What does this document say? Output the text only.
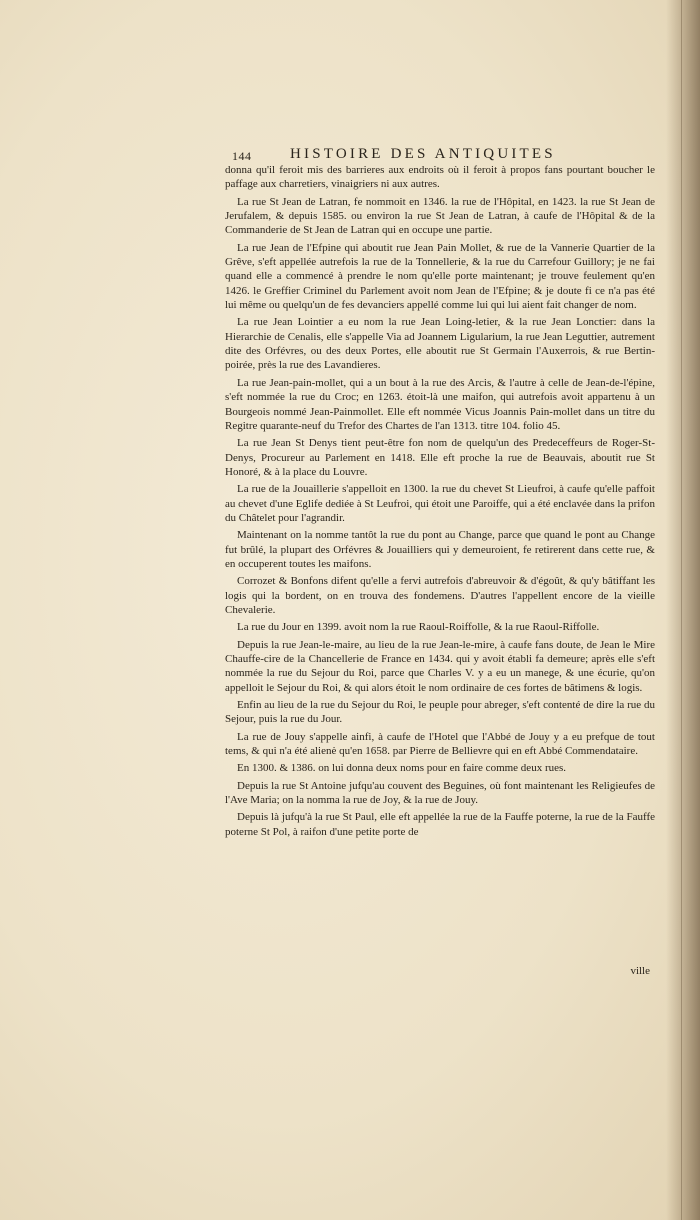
144	HISTOIRE DES ANTIQUITES

donna qu'il feroit mis des barrieres aux endroits où il feroit à propos fans pourtant boucher le paffage aux charretiers, vinaigriers ni aux autres.

La rue St Jean de Latran, fe nommoit en 1346. la rue de l'Hôpital, en 1423. la rue St Jean de Jerufalem, & depuis 1585. ou environ la rue St Jean de Latran, à caufe de l'Hôpital & de la Commanderie de St Jean de Latran qui en occupe une partie.

La rue Jean de l'Efpine qui aboutit rue Jean Pain Mollet, & rue de la Vannerie Quartier de la Grêve, s'eft appellée autrefois la rue de la Tonnellerie, & la rue du Carrefour Guillory; je ne fai quand elle a commencé à prendre le nom qu'elle porte maintenant; je trouve feulement qu'en 1426. le Greffier Criminel du Parlement avoit nom Jean de l'Efpine; & je doute fi ce n'a pas été lui même ou quelqu'un de fes devanciers appellé comme lui qui lui aient fait changer de nom.

La rue Jean Lointier a eu nom la rue Jean Loing-letier, & la rue Jean Lonctier: dans la Hierarchie de Cenalis, elle s'appelle Via ad Joannem Ligularium, la rue Jean Leguttier, autrement dite des Orfévres, ou des deux Portes, elle aboutit rue St Germain l'Auxerrois, & rue Bertin-poirée, près la rue des Lavandieres.

La rue Jean-pain-mollet, qui a un bout à la rue des Arcis, & l'autre à celle de Jean-de-l'épine, s'eft nommée la rue du Croc; en 1263. étoit-là une maifon, qui autrefois avoit appartenu à un Bourgeois nommé Jean-Painmollet. Elle eft nommée Vicus Joannis Pain-mollet dans un titre du Regitre quarante-neuf du Trefor des Chartes de l'an 1313. titre 104. folio 45.

La rue Jean St Denys tient peut-être fon nom de quelqu'un des Predeceffeurs de Roger-St-Denys, Procureur au Parlement en 1418. Elle eft proche la rue de Beauvais, aboutit rue St Honoré, & à la place du Louvre.

La rue de la Jouaillerie s'appelloit en 1300. la rue du chevet St Lieufroi, à caufe qu'elle paffoit au chevet d'une Eglife dediée à St Leufroi, qui étoit une Paroiffe, qui a été enclavée dans la prifon du Châtelet pour l'agrandir.

Maintenant on la nomme tantôt la rue du pont au Change, parce que quand le pont au Change fut brûlé, la plupart des Orfévres & Jouailliers qui y demeuroient, fe retirerent dans cette rue, & en occuperent toutes les maifons.

Corrozet & Bonfons difent qu'elle a fervi autrefois d'abreuvoir & d'égoût, & qu'y bâtiffant les logis qui la bordent, on en trouva des fondemens. D'autres l'appellent encore de la vieille Chevalerie.

La rue du Jour en 1399. avoit nom la rue Raoul-Roiffolle, & la rue Raoul-Riffolle.

Depuis la rue Jean-le-maire, au lieu de la rue Jean-le-mire, à caufe fans doute, de Jean le Mire Chauffe-cire de la Chancellerie de France en 1434. qui y avoit établi fa demeure; après elle s'eft nommée la rue du Sejour du Roi, parce que Charles V. y a eu un manege, & une écurie, qu'on appelloit le Sejour du Roi, & qui alors étoit le nom ordinaire de ces fortes de bâtimens & logis.

Enfin au lieu de la rue du Sejour du Roi, le peuple pour abreger, s'eft contenté de dire la rue du Sejour, puis la rue du Jour.

La rue de Jouy s'appelle ainfi, à caufe de l'Hotel que l'Abbé de Jouy y a eu prefque de tout tems, & qui n'a été alienė qu'en 1658. par Pierre de Bellievre qui en eft Abbé Commendataire.

En 1300. & 1386. on lui donna deux noms pour en faire comme deux rues.

Depuis la rue St Antoine jufqu'au couvent des Beguines, où font maintenant les Religieufes de l'Ave Maria; on la nomma la rue de Joy, & la rue de Jouy.

Depuis là jufqu'à la rue St Paul, elle eft appellée la rue de la Fauffe poterne, la rue de la Fauffe poterne St Pol, à raifon d'une petite porte de

ville
